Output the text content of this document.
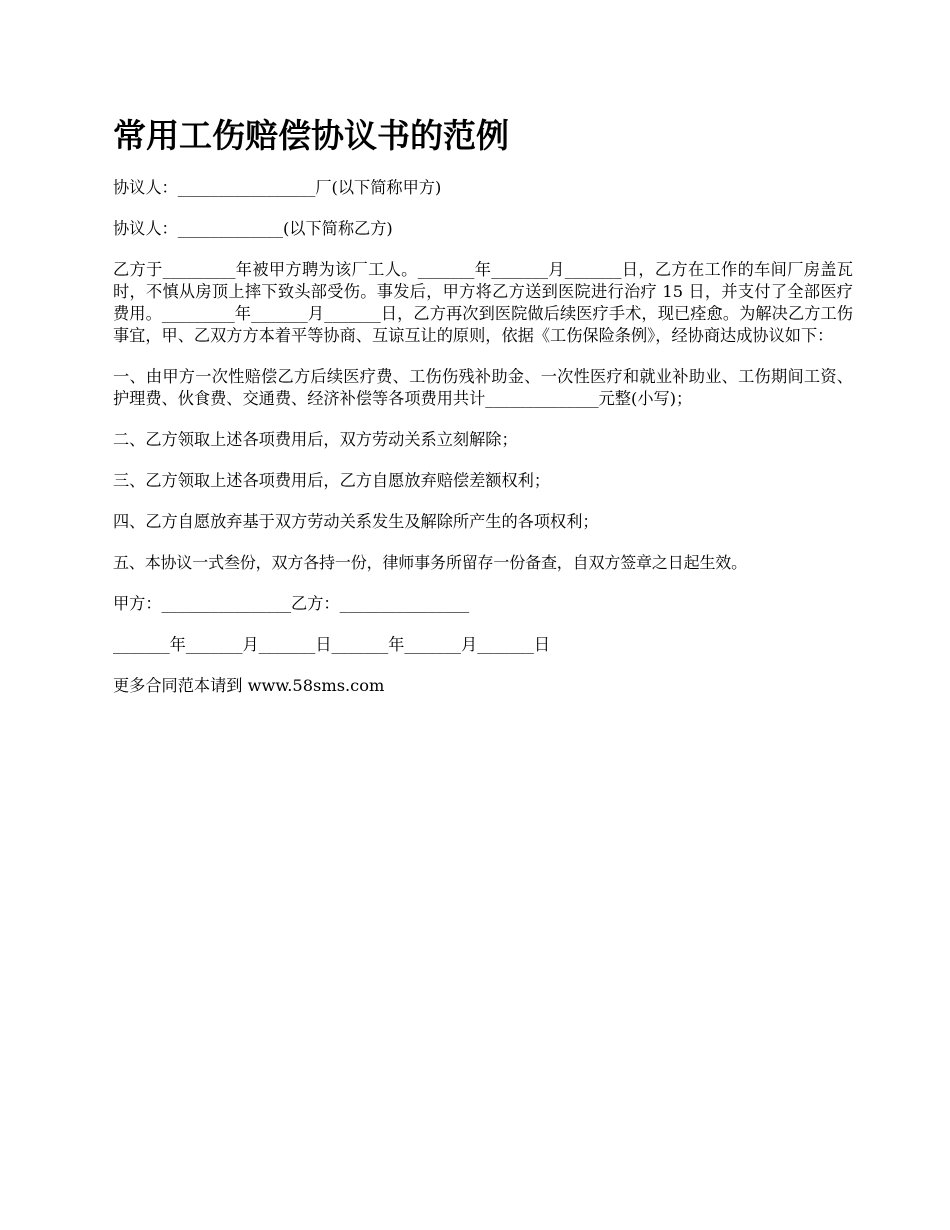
常用工伤赔偿协议书的范例

协议人：_________________厂(以下简称甲方)

协议人：_____________(以下简称乙方)

乙方于_________年被甲方聘为该厂工人。_______年_______月_______日，乙方在工作的车间厂房盖瓦时，不慎从房顶上摔下致头部受伤。事发后，甲方将乙方送到医院进行治疗 15 日，并支付了全部医疗费用。_________年_______月_______日，乙方再次到医院做后续医疗手术，现已痊愈。为解决乙方工伤事宜，甲、乙双方方本着平等协商、互谅互让的原则，依据《工伤保险条例》，经协商达成协议如下：

一、由甲方一次性赔偿乙方后续医疗费、工伤伤残补助金、一次性医疗和就业补助业、工伤期间工资、护理费、伙食费、交通费、经济补偿等各项费用共计______________元整(小写)；

二、乙方领取上述各项费用后，双方劳动关系立刻解除；

三、乙方领取上述各项费用后，乙方自愿放弃赔偿差额权利；

四、乙方自愿放弃基于双方劳动关系发生及解除所产生的各项权利；

五、本协议一式叁份，双方各持一份，律师事务所留存一份备查，自双方签章之日起生效。

甲方：________________乙方：________________

_______年_______月_______日_______年_______月_______日

更多合同范本请到 www.58sms.com
